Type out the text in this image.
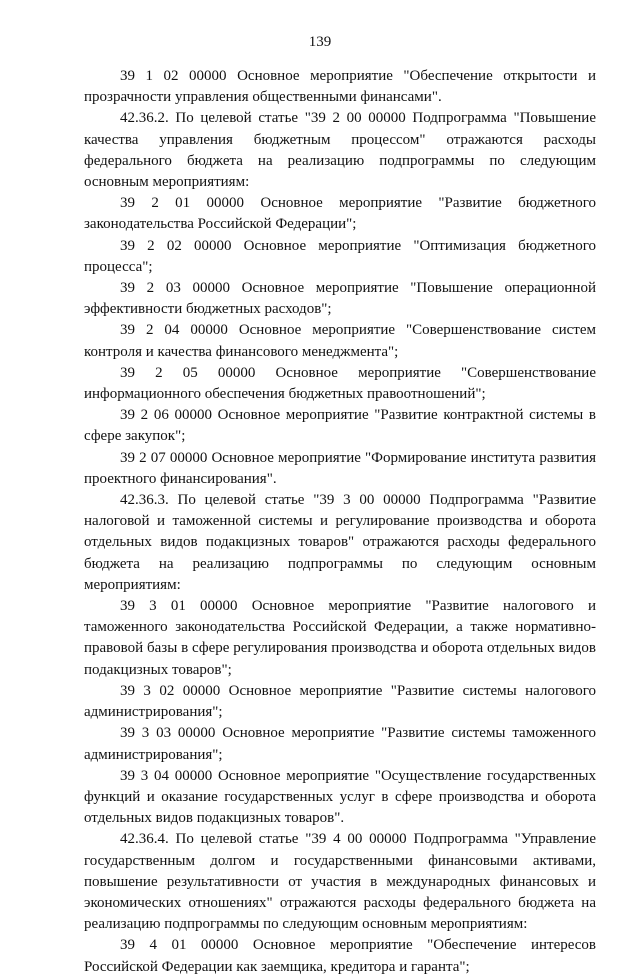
139

39 1 02 00000 Основное мероприятие "Обеспечение открытости и прозрачности управления общественными финансами".

42.36.2. По целевой статье "39 2 00 00000 Подпрограмма "Повышение качества управления бюджетным процессом" отражаются расходы федерального бюджета на реализацию подпрограммы по следующим основным мероприятиям:

39 2 01 00000 Основное мероприятие "Развитие бюджетного законодательства Российской Федерации";

39 2 02 00000 Основное мероприятие "Оптимизация бюджетного процесса";

39 2 03 00000 Основное мероприятие "Повышение операционной эффективности бюджетных расходов";

39 2 04 00000 Основное мероприятие "Совершенствование систем контроля и качества финансового менеджмента";

39 2 05 00000 Основное мероприятие "Совершенствование информационного обеспечения бюджетных правоотношений";

39 2 06 00000 Основное мероприятие "Развитие контрактной системы в сфере закупок";

39 2 07 00000 Основное мероприятие "Формирование института развития проектного финансирования".

42.36.3. По целевой статье "39 3 00 00000 Подпрограмма "Развитие налоговой и таможенной системы и регулирование производства и оборота отдельных видов подакцизных товаров" отражаются расходы федерального бюджета на реализацию подпрограммы по следующим основным мероприятиям:

39 3 01 00000 Основное мероприятие "Развитие налогового и таможенного законодательства Российской Федерации, а также нормативно-правовой базы в сфере регулирования производства и оборота отдельных видов подакцизных товаров";

39 3 02 00000 Основное мероприятие "Развитие системы налогового администрирования";

39 3 03 00000 Основное мероприятие "Развитие системы таможенного администрирования";

39 3 04 00000 Основное мероприятие "Осуществление государственных функций и оказание государственных услуг в сфере производства и оборота отдельных видов подакцизных товаров".

42.36.4. По целевой статье "39 4 00 00000 Подпрограмма "Управление государственным долгом и государственными финансовыми активами, повышение результативности от участия в международных финансовых и экономических отношениях" отражаются расходы федерального бюджета на реализацию подпрограммы по следующим основным мероприятиям:

39 4 01 00000 Основное мероприятие "Обеспечение интересов Российской Федерации как заемщика, кредитора и гаранта";
